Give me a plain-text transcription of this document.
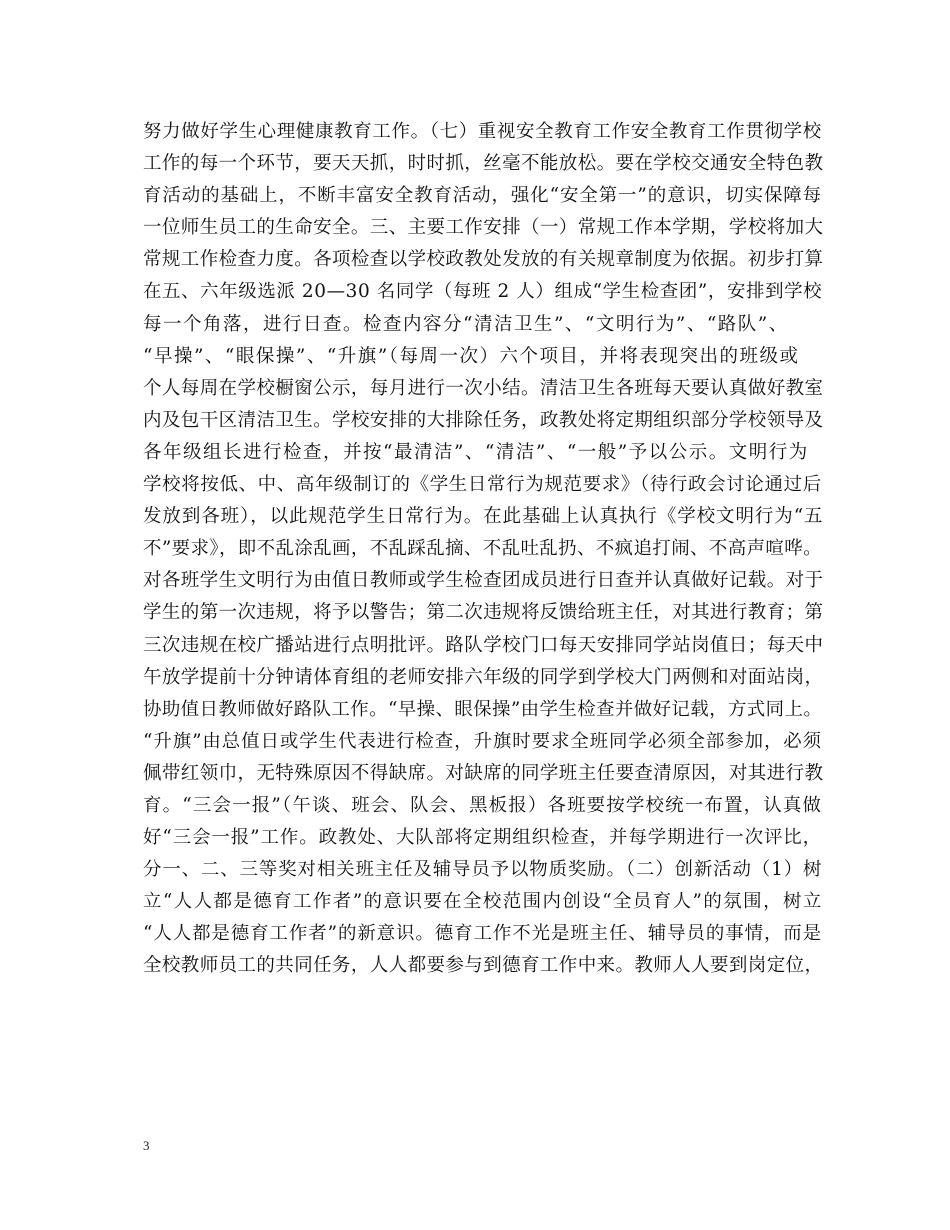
努力做好学生心理健康教育工作。（七）重视安全教育工作安全教育工作贯彻学校
工作的每一个环节，要天天抓，时时抓，丝毫不能放松。要在学校交通安全特色教
育活动的基础上，不断丰富安全教育活动，强化“安全第一”的意识，切实保障每
一位师生员工的生命安全。三、主要工作安排（一）常规工作本学期，学校将加大
常规工作检查力度。各项检查以学校政教处发放的有关规章制度为依据。初步打算
在五、六年级选派 20—30 名同学（每班 2 人）组成“学生检查团”，安排到学校
每一个角落，进行日查。检查内容分“清洁卫生”、“文明行为”、“路队”、
“早操”、“眼保操”、“升旗”（每周一次）六个项目，并将表现突出的班级或
个人每周在学校橱窗公示，每月进行一次小结。清洁卫生各班每天要认真做好教室
内及包干区清洁卫生。学校安排的大排除任务，政教处将定期组织部分学校领导及
各年级组长进行检查，并按“最清洁”、“清洁”、“一般”予以公示。文明行为
学校将按低、中、高年级制订的《学生日常行为规范要求》（待行政会讨论通过后
发放到各班），以此规范学生日常行为。在此基础上认真执行《学校文明行为“五
不”要求》，即不乱涂乱画，不乱踩乱摘、不乱吐乱扔、不疯追打闹、不高声喧哗。
对各班学生文明行为由值日教师或学生检查团成员进行日查并认真做好记载。对于
学生的第一次违规，将予以警告；第二次违规将反馈给班主任，对其进行教育；第
三次违规在校广播站进行点明批评。路队学校门口每天安排同学站岗值日；每天中
午放学提前十分钟请体育组的老师安排六年级的同学到学校大门两侧和对面站岗，
协助值日教师做好路队工作。“早操、眼保操”由学生检查并做好记载，方式同上。
“升旗”由总值日或学生代表进行检查，升旗时要求全班同学必须全部参加，必须
佩带红领巾，无特殊原因不得缺席。对缺席的同学班主任要查清原因，对其进行教
育。“三会一报”（午谈、班会、队会、黑板报）各班要按学校统一布置，认真做
好“三会一报”工作。政教处、大队部将定期组织检查，并每学期进行一次评比，
分一、二、三等奖对相关班主任及辅导员予以物质奖励。（二）创新活动（1）树
立“人人都是德育工作者”的意识要在全校范围内创设“全员育人”的氛围，树立
“人人都是德育工作者”的新意识。德育工作不光是班主任、辅导员的事情，而是
全校教师员工的共同任务，人人都要参与到德育工作中来。教师人人要到岗定位，
3
